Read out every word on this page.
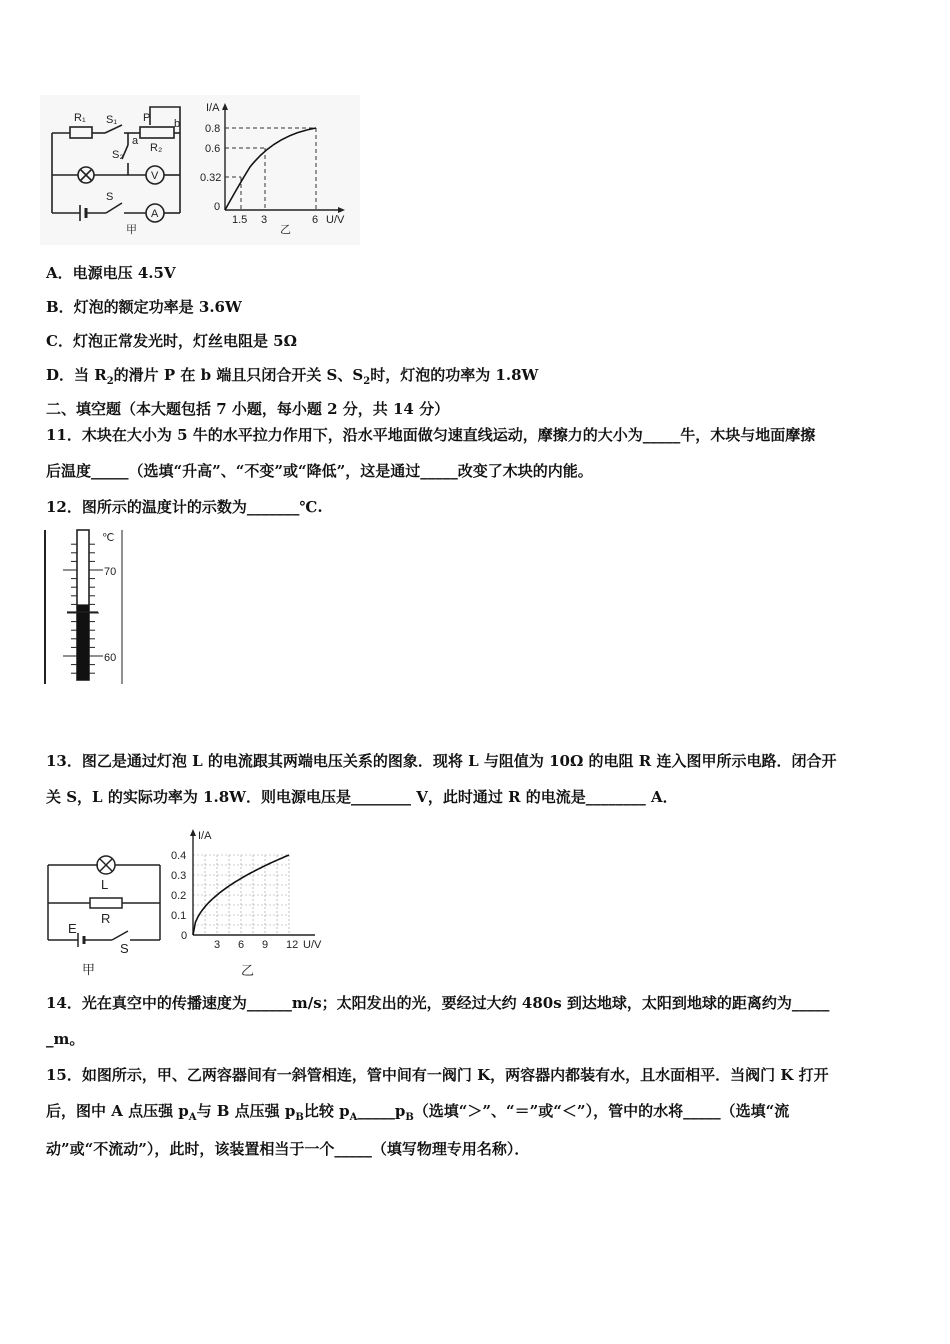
R₁ S₁ P
a
b
R₂
S₂
V
S
A
甲
I/A
0.8
0.6
0.32
0
1.5 3	6 U/V
乙
A．电源电压 4.5V
B．灯泡的额定功率是 3.6W
C．灯泡正常发光时，灯丝电阻是 5Ω
D．当 $R_2$的滑片 P 在 b 端且只闭合开关 S、$S_2$时，灯泡的功率为 1.8W
二、填空题（本大题包括 7 小题，每小题 2 分，共 14 分）
11．木块在大小为 5 牛的水平拉力作用下，沿水平地面做匀速直线运动，摩擦力的大小为_____牛，木块与地面摩擦
后温度_____（选填“升高”、“不变”或“降低”，这是通过_____改变了木块的内能。
12．图所示的温度计的示数为_______℃.
℃
70
60
13．图乙是通过灯泡 L 的电流跟其两端电压关系的图象．现将 L 与阻值为 10Ω 的电阻 R 连入图甲所示电路．闭合开
关 S，L 的实际功率为 1.8W．则电源电压是________ V，此时通过 R 的电流是________ A．
L
R
E
S
甲
3 6 9 12
0.4
0.3
0.2
0.1
I/A
U/V
0
乙
14．光在真空中的传播速度为______m/s；太阳发出的光，要经过大约 480s 到达地球，太阳到地球的距离约为_____
_m。
15．如图所示，甲、乙两容器间有一斜管相连，管中间有一阀门 K，两容器内都装有水，且水面相平．当阀门 K 打开
后，图中 A 点压强 $p_A$与 B 点压强 $p_B$比较 $p_A\_\_\_\_\_p_B$（选填“＞”、“＝”或“＜”），管中的水将_____（选填“流
动”或“不流动”），此时，该装置相当于一个_____（填写物理专用名称）．
